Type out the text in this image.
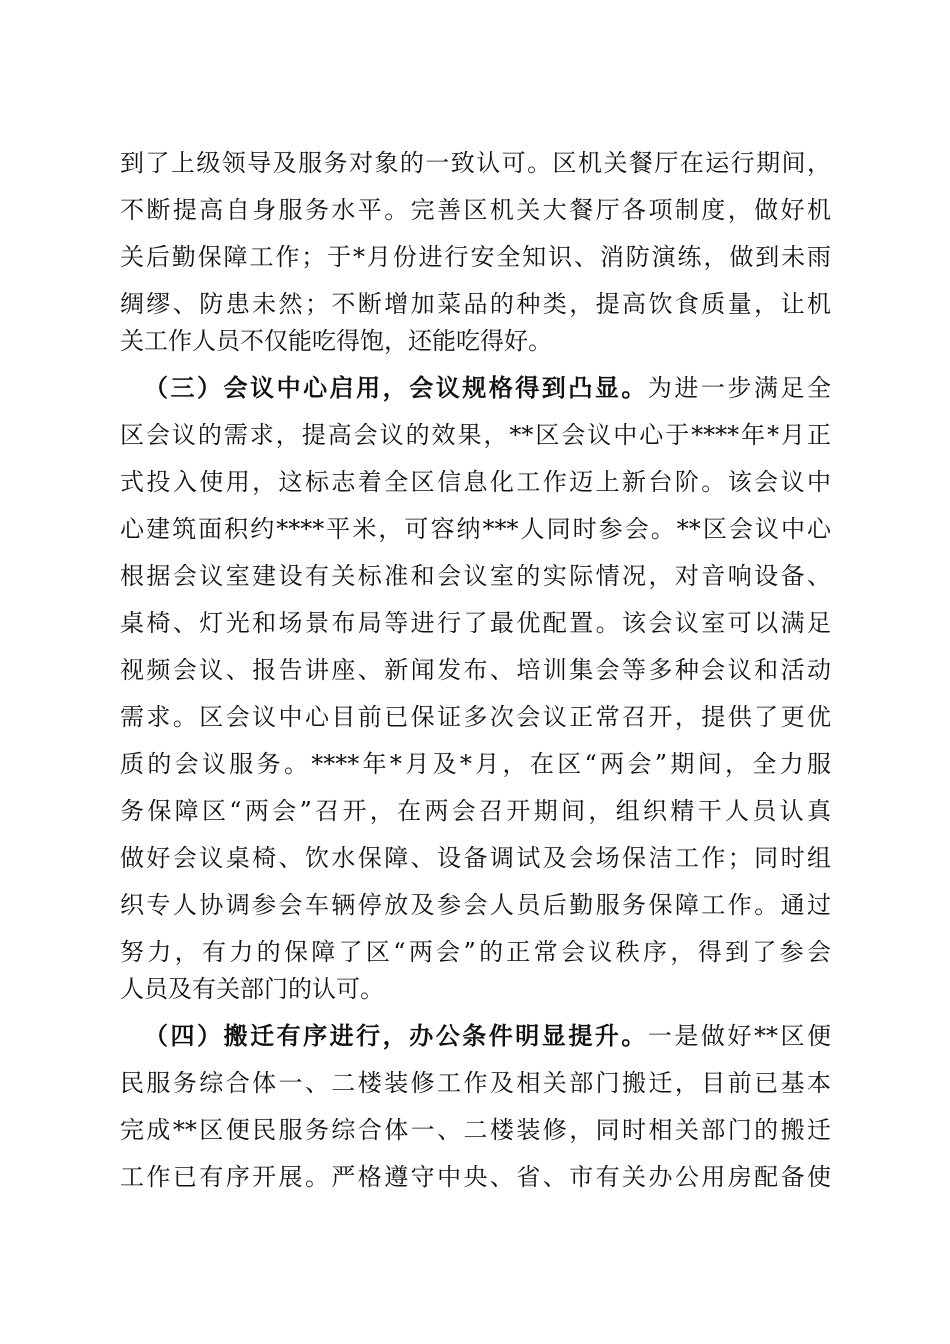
到了上级领导及服务对象的一致认可。区机关餐厅在运行期间，
不断提高自身服务水平。完善区机关大餐厅各项制度，做好机
关后勤保障工作；于*月份进行安全知识、消防演练，做到未雨
绸缪、防患未然；不断增加菜品的种类，提高饮食质量，让机
关工作人员不仅能吃得饱，还能吃得好。
（三）会议中心启用，会议规格得到凸显。为进一步满足全
区会议的需求，提高会议的效果，**区会议中心于****年*月正
式投入使用，这标志着全区信息化工作迈上新台阶。该会议中
心建筑面积约****平米，可容纳***人同时参会。**区会议中心
根据会议室建设有关标准和会议室的实际情况，对音响设备、
桌椅、灯光和场景布局等进行了最优配置。该会议室可以满足
视频会议、报告讲座、新闻发布、培训集会等多种会议和活动
需求。区会议中心目前已保证多次会议正常召开，提供了更优
质的会议服务。****年*月及*月，在区“两会”期间，全力服
务保障区“两会”召开，在两会召开期间，组织精干人员认真
做好会议桌椅、饮水保障、设备调试及会场保洁工作；同时组
织专人协调参会车辆停放及参会人员后勤服务保障工作。通过
努力，有力的保障了区“两会”的正常会议秩序，得到了参会
人员及有关部门的认可。
（四）搬迁有序进行，办公条件明显提升。一是做好**区便
民服务综合体一、二楼装修工作及相关部门搬迁，目前已基本
完成**区便民服务综合体一、二楼装修，同时相关部门的搬迁
工作已有序开展。严格遵守中央、省、市有关办公用房配备使
